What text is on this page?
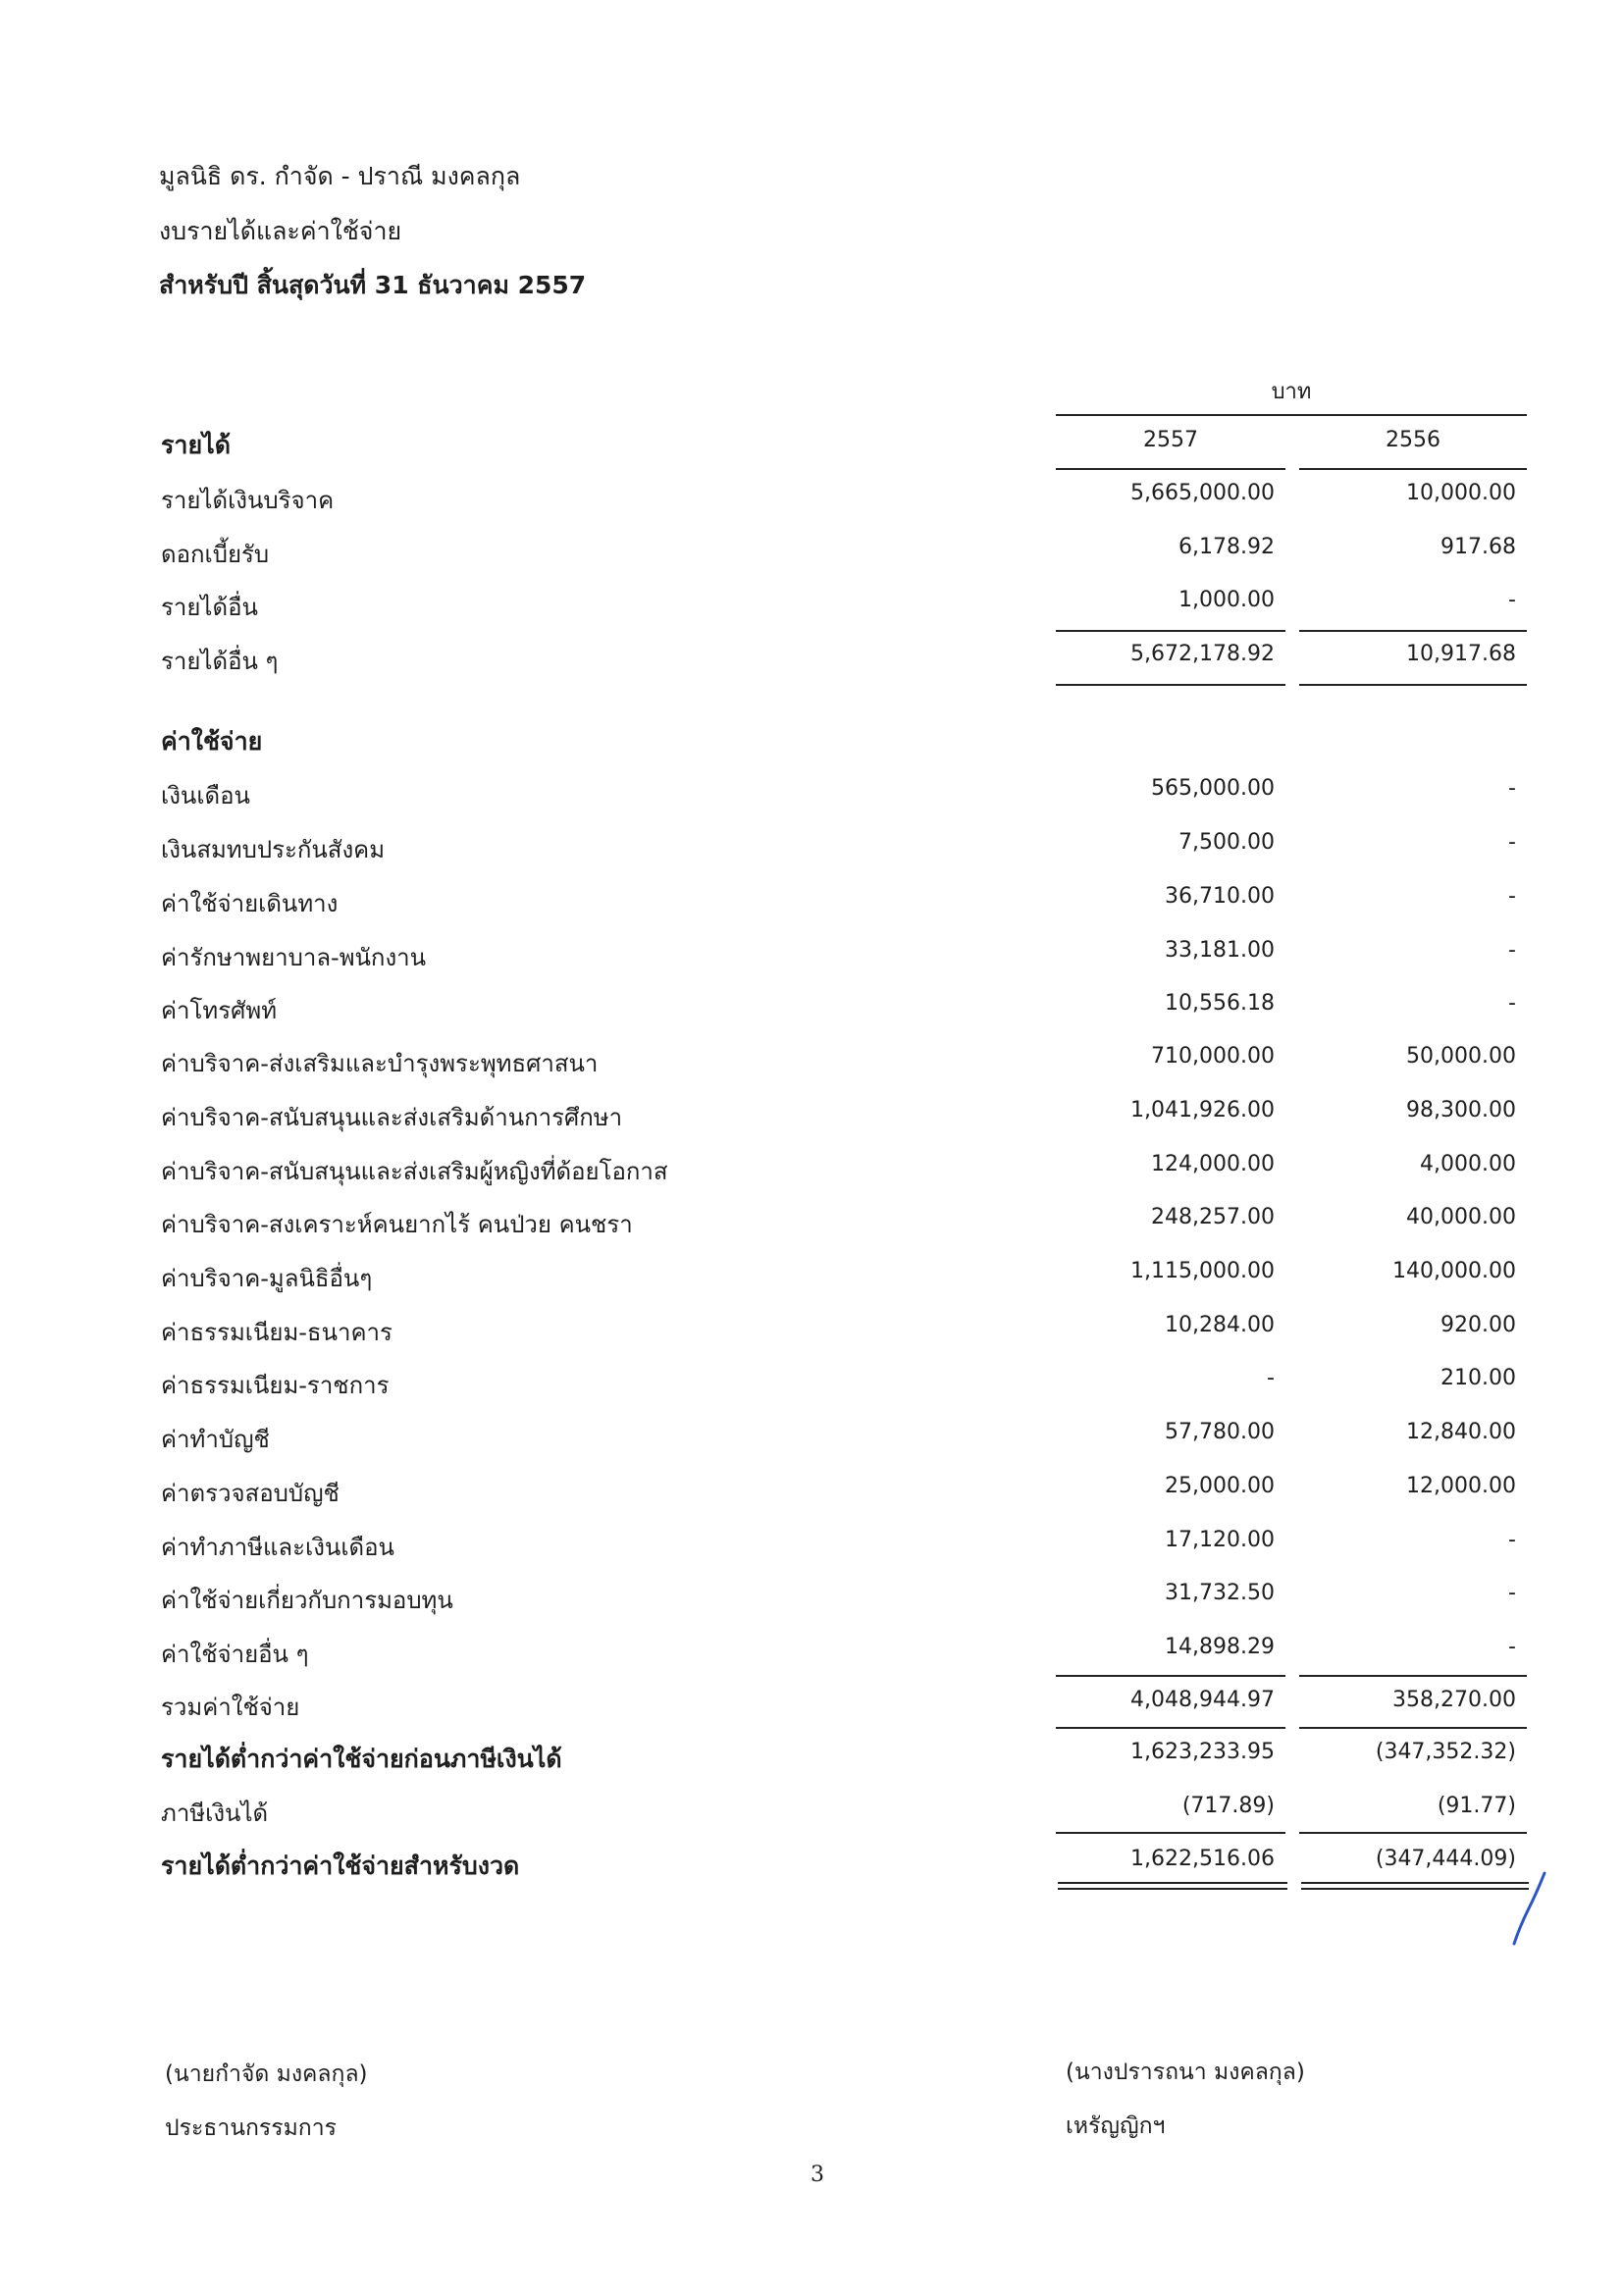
มูลนิธิ ดร. กำจัด - ปราณี มงคลกุล
งบรายได้และค่าใช้จ่าย
สำหรับปี สิ้นสุดวันที่ 31 ธันวาคม 2557
บาท
2557	2556
รายได้
รายได้เงินบริจาค	5,665,000.00	10,000.00
ดอกเบี้ยรับ	6,178.92	917.68
รายได้อื่น	1,000.00	-
รายได้อื่น ๆ	5,672,178.92	10,917.68
ค่าใช้จ่าย
เงินเดือน	565,000.00	-
เงินสมทบประกันสังคม	7,500.00	-
ค่าใช้จ่ายเดินทาง	36,710.00	-
ค่ารักษาพยาบาล-พนักงาน	33,181.00	-
ค่าโทรศัพท์	10,556.18	-
ค่าบริจาค-ส่งเสริมและบำรุงพระพุทธศาสนา	710,000.00	50,000.00
ค่าบริจาค-สนับสนุนและส่งเสริมด้านการศึกษา	1,041,926.00	98,300.00
ค่าบริจาค-สนับสนุนและส่งเสริมผู้หญิงที่ด้อยโอกาส	124,000.00	4,000.00
ค่าบริจาค-สงเคราะห์คนยากไร้ คนป่วย คนชรา	248,257.00	40,000.00
ค่าบริจาค-มูลนิธิอื่นๆ	1,115,000.00	140,000.00
ค่าธรรมเนียม-ธนาคาร	10,284.00	920.00
ค่าธรรมเนียม-ราชการ	-	210.00
ค่าทำบัญชี	57,780.00	12,840.00
ค่าตรวจสอบบัญชี	25,000.00	12,000.00
ค่าทำภาษีและเงินเดือน	17,120.00	-
ค่าใช้จ่ายเกี่ยวกับการมอบทุน	31,732.50	-
ค่าใช้จ่ายอื่น ๆ	14,898.29	-
รวมค่าใช้จ่าย	4,048,944.97	358,270.00
รายได้ต่ำกว่าค่าใช้จ่ายก่อนภาษีเงินได้	1,623,233.95	(347,352.32)
ภาษีเงินได้	(717.89)	(91.77)
รายได้ต่ำกว่าค่าใช้จ่ายสำหรับงวด	1,622,516.06	(347,444.09)
(นายกำจัด มงคลกุล)
ประธานกรรมการ
(นางปรารถนา มงคลกุล)
เหรัญญิกฯ
3
